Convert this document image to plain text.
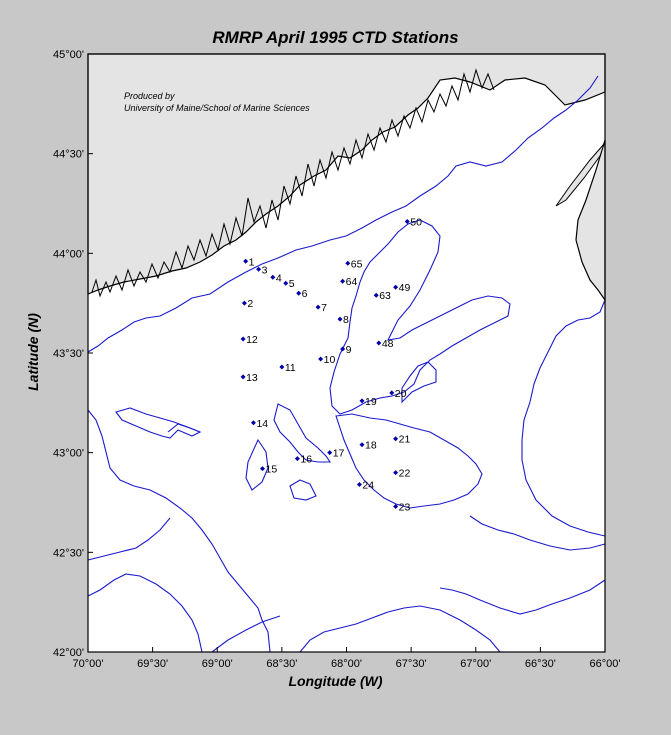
RMRP April 1995 CTD Stations
Latitude (N)
Longitude (W)
Produced by
University of Maine/School of Marine Sciences
70°00'	69°30'	69°00'	68°30'	68°00'	67°30'	67°00'	66°30'	66°00'
45°00'
44°30'
44°00'
43°30'
43°00'
42°30'
42°00'
1
2
3
4 5
6
7
8
9
10
11
12
13
14
15
16 17
18
19
20
21
22
23
24
48
49
50
63
64
65
